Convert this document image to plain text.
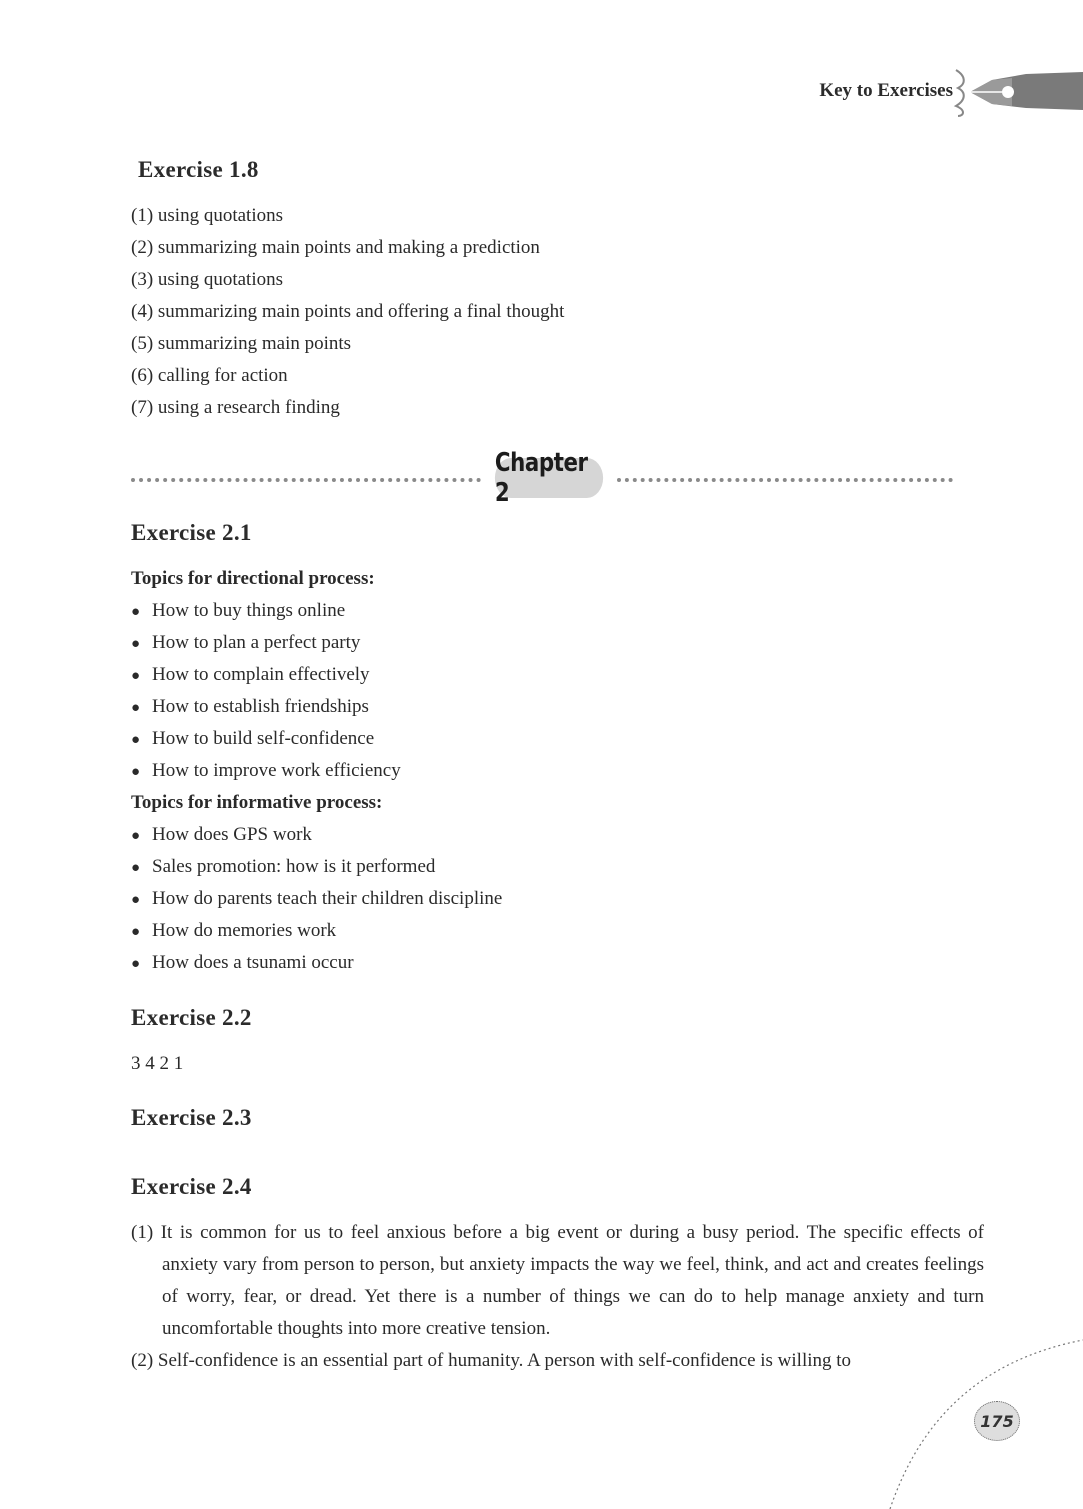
Key to Exercises
Exercise 1.8
(1) using quotations
(2) summarizing main points and making a prediction
(3) using quotations
(4) summarizing main points and offering a final thought
(5) summarizing main points
(6) calling for action
(7) using a research finding
Chapter 2
Exercise 2.1
Topics for directional process:
● How to buy things online
● How to plan a perfect party
● How to complain effectively
● How to establish friendships
● How to build self-confidence
● How to improve work efficiency
Topics for informative process:
● How does GPS work
● Sales promotion: how is it performed
● How do parents teach their children discipline
● How do memories work
● How does a tsunami occur
Exercise 2.2
3 4 2 1
Exercise 2.3
Exercise 2.4

(1) It is common for us to feel anxious before a big event or during a busy period. The specific effects of anxiety vary from person to person, but anxiety impacts the way we feel, think, and act and creates feelings of worry, fear, or dread. Yet there is a number of things we can do to help manage anxiety and turn uncomfortable thoughts into more creative tension.

(2) Self-confidence is an essential part of humanity. A person with self-confidence is willing to

175
